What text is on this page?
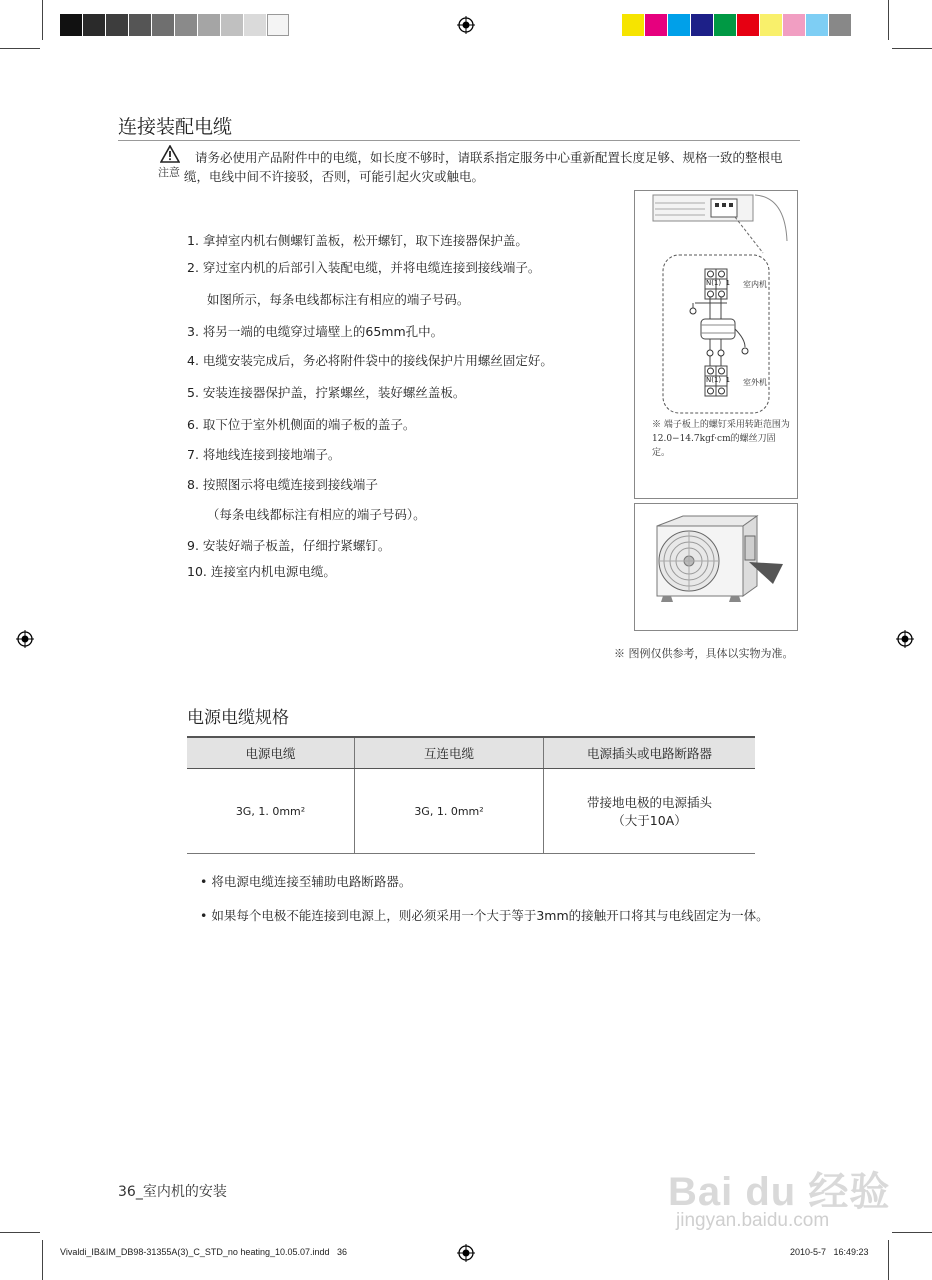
连接装配电缆
注意
请务必使用产品附件中的电缆，如长度不够时，请联系指定服务中心重新配置长度足够、规格一致的整根电缆，电线中间不许接驳，否则，可能引起火灾或触电。
1. 拿掉室内机右侧螺钉盖板，松开螺钉，取下连接器保护盖。
2. 穿过室内机的后部引入装配电缆，并将电缆连接到接线端子。
如图所示，每条电线都标注有相应的端子号码。
3. 将另一端的电缆穿过墙壁上的65mm孔中。
4. 电缆安装完成后，务必将附件袋中的接线保护片用螺丝固定好。
5. 安装连接器保护盖，拧紧螺丝，装好螺丝盖板。
6. 取下位于室外机侧面的端子板的盖子。
7. 将地线连接到接地端子。
8. 按照图示将电缆连接到接线端子
（每条电线都标注有相应的端子号码）。
9. 安装好端子板盖，仔细拧紧螺钉。
10. 连接室内机电源电缆。
N(1)  1 室内机
N(1)  1 室外机
※ 端子板上的螺钉采用转距范围为 12.0−14.7kgf·cm的螺丝刀固定。
※ 图例仅供参考，具体以实物为准。
电源电缆规格
电源电缆	互连电缆	电源插头或电路断路器
3G, 1. 0mm²	3G, 1. 0mm²	带接地电极的电源插头
（大于10A）
• 将电源电缆连接至辅助电路断路器。
• 如果每个电极不能连接到电源上，则必须采用一个大于等于3mm的接触开口将其与电线固定为一体。
36_室内机的安装	Bai du 经验
jingyan.baidu.com
Vivaldi_IB&IM_DB98-31355A(3)_C_STD_no heating_10.05.07.indd   36	2010-5-7   16:49:23
